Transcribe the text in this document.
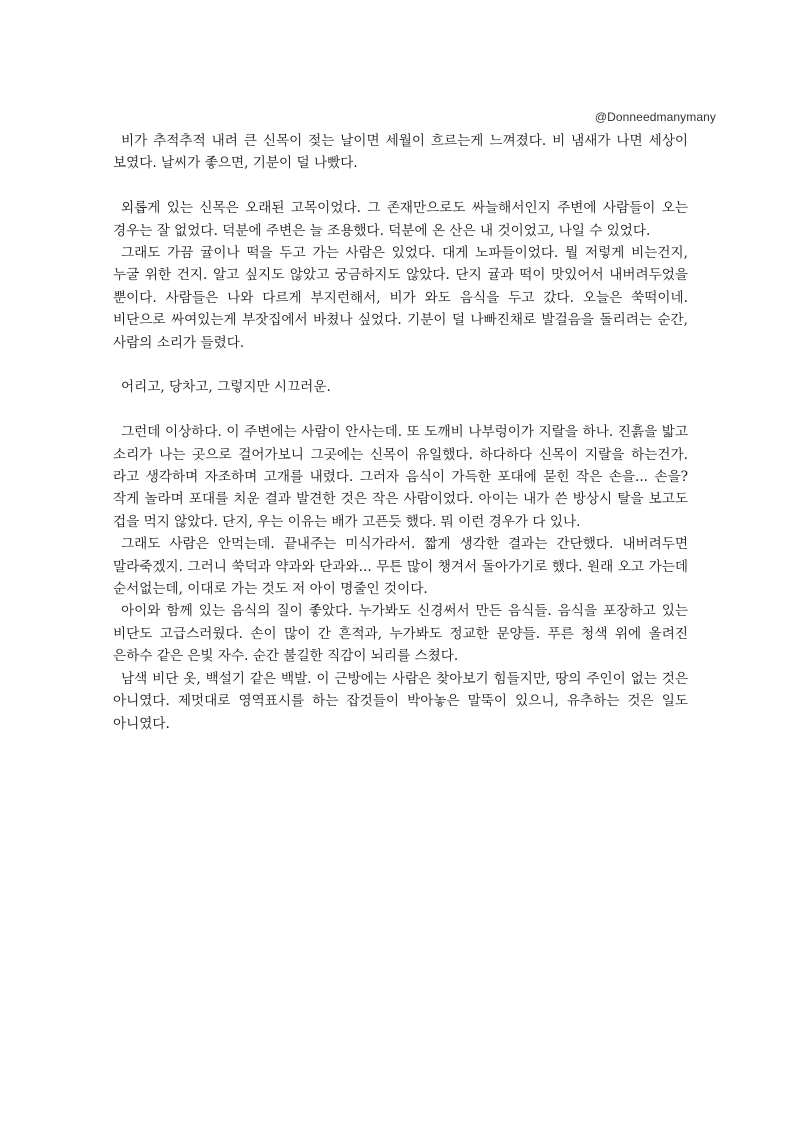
@Donneedmanymany

비가 추적추적 내려 큰 신목이 젖는 날이면 세월이 흐르는게 느껴졌다. 비 냄새가 나면 세상이 보였다. 날씨가 좋으면, 기분이 덜 나빴다.

외롭게 있는 신목은 오래된 고목이었다. 그 존재만으로도 싸늘해서인지 주변에 사람들이 오는 경우는 잘 없었다. 덕분에 주변은 늘 조용했다. 덕분에 온 산은 내 것이었고, 나일 수 있었다.

그래도 가끔 귤이나 떡을 두고 가는 사람은 있었다. 대게 노파들이었다. 뭘 저렇게 비는건지, 누굴 위한 건지. 알고 싶지도 않았고 궁금하지도 않았다. 단지 귤과 떡이 맛있어서 내버려두었을 뿐이다. 사람들은 나와 다르게 부지런해서, 비가 와도 음식을 두고 갔다. 오늘은 쑥떡이네. 비단으로 싸여있는게 부잣집에서 바쳤나 싶었다. 기분이 덜 나빠진채로 발걸음을 돌리려는 순간, 사람의 소리가 들렸다.

어리고, 당차고, 그렇지만 시끄러운.

그런데 이상하다. 이 주변에는 사람이 안사는데. 또 도깨비 나부렁이가 지랄을 하나. 진흙을 밟고 소리가 나는 곳으로 걸어가보니 그곳에는 신목이 유일했다. 하다하다 신목이 지랄을 하는건가. 라고 생각하며 자조하며 고개를 내렸다. 그러자 음식이 가득한 포대에 묻힌 작은 손을... 손을? 작게 놀라며 포대를 치운 결과 발견한 것은 작은 사람이었다. 아이는 내가 쓴 방상시 탈을 보고도 겁을 먹지 않았다. 단지, 우는 이유는 배가 고픈듯 했다. 뭐 이런 경우가 다 있나.

그래도 사람은 안먹는데. 끝내주는 미식가라서. 짧게 생각한 결과는 간단했다. 내버려두면 말라죽겠지. 그러니 쑥덕과 약과와 단과와... 무튼 많이 챙겨서 돌아가기로 했다. 원래 오고 가는데 순서없는데, 이대로 가는 것도 저 아이 명줄인 것이다.

아이와 함께 있는 음식의 질이 좋았다. 누가봐도 신경써서 만든 음식들. 음식을 포장하고 있는 비단도 고급스러웠다. 손이 많이 간 흔적과, 누가봐도 정교한 문양들. 푸른 청색 위에 올려진 은하수 같은 은빛 자수. 순간 불길한 직감이 뇌리를 스쳤다.

남색 비단 옷, 백설기 같은 백발. 이 근방에는 사람은 찾아보기 힘들지만, 땅의 주인이 없는 것은 아니였다. 제멋대로 영역표시를 하는 잡것들이 박아놓은 말뚝이 있으니, 유추하는 것은 일도 아니였다.
